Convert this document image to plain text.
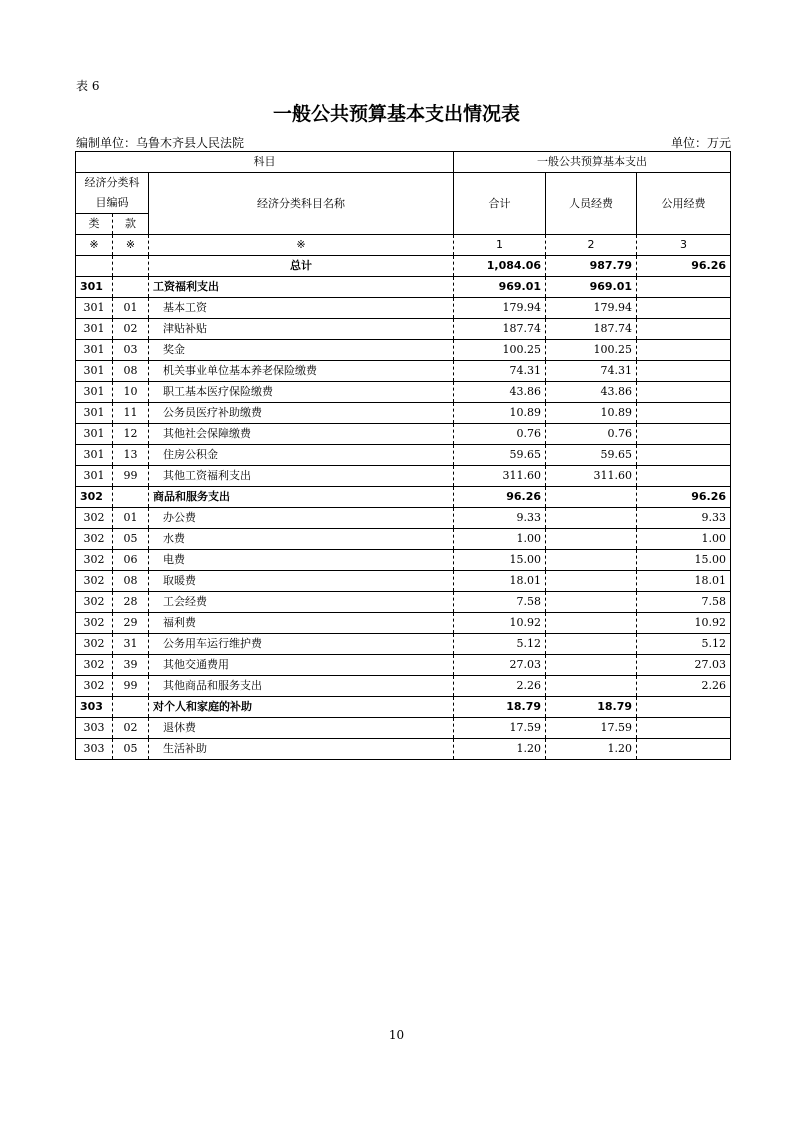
表 6
一般公共预算基本支出情况表
编制单位：乌鲁木齐县人民法院	单位：万元
科目			一般公共预算基本支出		
经济分类科目编码		经济分类科目名称	合计	人员经费	公用经费
类	款				
※	※	※	1	2	3
		总计	1,084.06	987.79	96.26
301		工资福利支出	969.01	969.01	
301	01	基本工资	179.94	179.94	
301	02	津贴补贴	187.74	187.74	
301	03	奖金	100.25	100.25	
301	08	机关事业单位基本养老保险缴费	74.31	74.31	
301	10	职工基本医疗保险缴费	43.86	43.86	
301	11	公务员医疗补助缴费	10.89	10.89	
301	12	其他社会保障缴费	0.76	0.76	
301	13	住房公积金	59.65	59.65	
301	99	其他工资福利支出	311.60	311.60	
302		商品和服务支出	96.26		96.26
302	01	办公费	9.33		9.33
302	05	水费	1.00		1.00
302	06	电费	15.00		15.00
302	08	取暖费	18.01		18.01
302	28	工会经费	7.58		7.58
302	29	福利费	10.92		10.92
302	31	公务用车运行维护费	5.12		5.12
302	39	其他交通费用	27.03		27.03
302	99	其他商品和服务支出	2.26		2.26
303		对个人和家庭的补助	18.79	18.79	
303	02	退休费	17.59	17.59	
303	05	生活补助	1.20	1.20	
10
